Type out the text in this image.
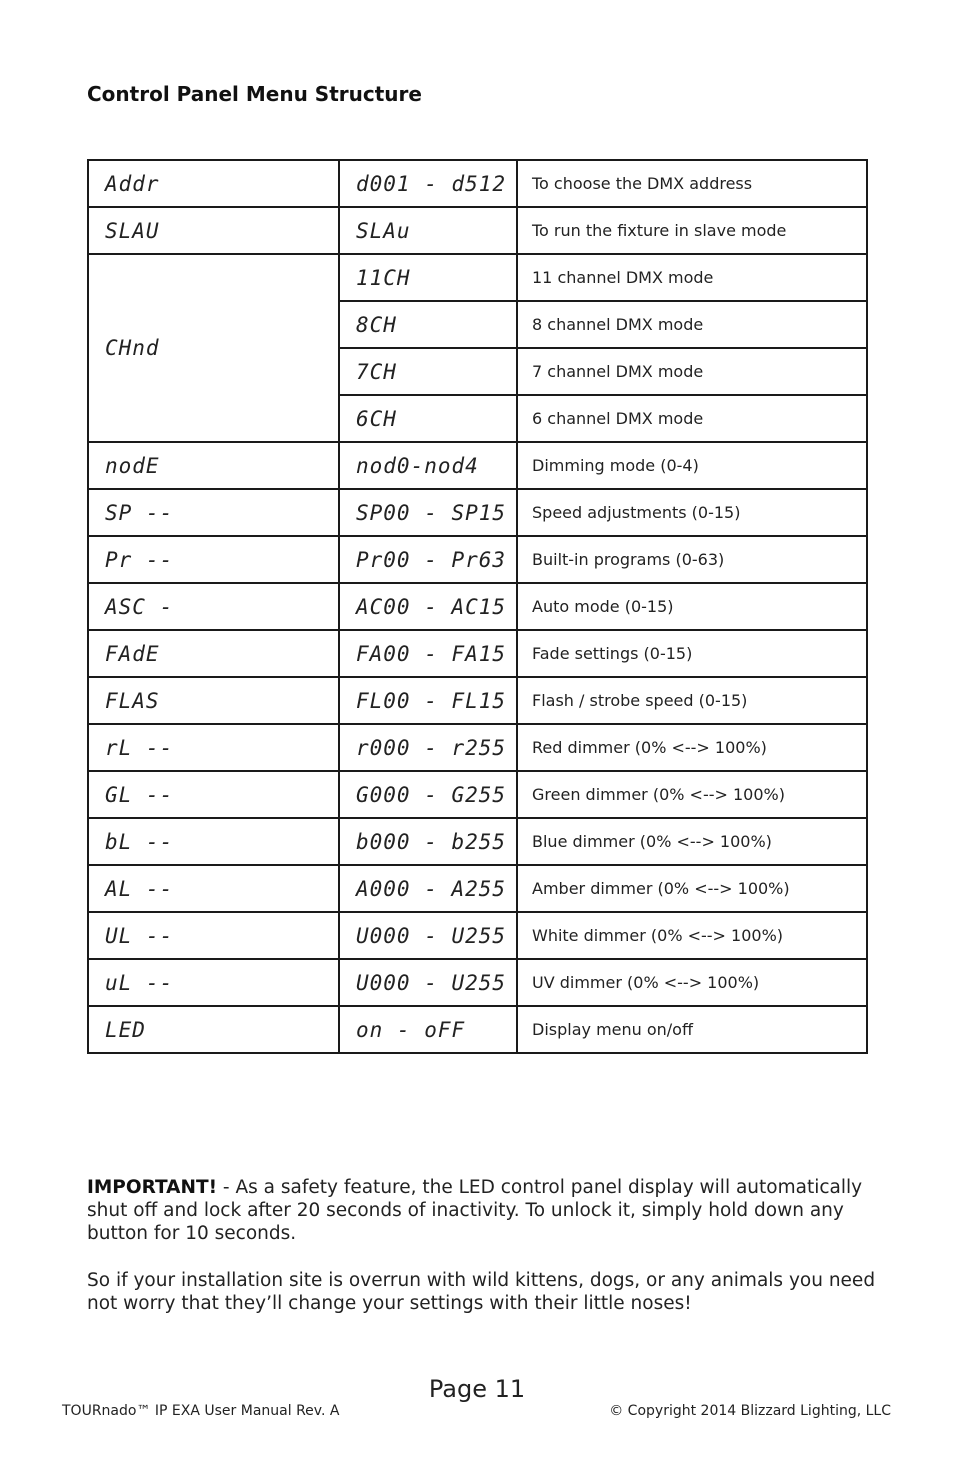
Control Panel Menu Structure
Addr	d001 - d512	To choose the DMX address
SLAU	SLAu	To run the fixture in slave mode
CHnd	11CH	11 channel DMX mode
	8CH	8 channel DMX mode
	7CH	7 channel DMX mode
	6CH	6 channel DMX mode
nodE	nod0-nod4	Dimming mode (0-4)
SP --	SP00 - SP15	Speed adjustments (0-15)
Pr --	Pr00 - Pr63	Built-in programs (0-63)
ASC -	AC00 - AC15	Auto mode (0-15)
FAdE	FA00 - FA15	Fade settings (0-15)
FLAS	FL00 - FL15	Flash / strobe speed (0-15)
rL --	r000 - r255	Red dimmer (0% <--> 100%)
GL --	G000 - G255	Green dimmer (0% <--> 100%)
bL --	b000 - b255	Blue dimmer (0% <--> 100%)
AL --	A000 - A255	Amber dimmer (0% <--> 100%)
UL --	U000 - U255	White dimmer (0% <--> 100%)
uL --	U000 - U255	UV dimmer (0% <--> 100%)
LED	on - oFF	Display menu on/off

IMPORTANT! - As a safety feature, the LED control panel display will automatically shut off and lock after 20 seconds of inactivity. To unlock it, simply hold down any button for 10 seconds.

So if your installation site is overrun with wild kittens, dogs, or any animals you need not worry that they’ll change your settings with their little noses!

Page 11
TOURnado™ IP EXA User Manual Rev. A	© Copyright 2014 Blizzard Lighting, LLC
